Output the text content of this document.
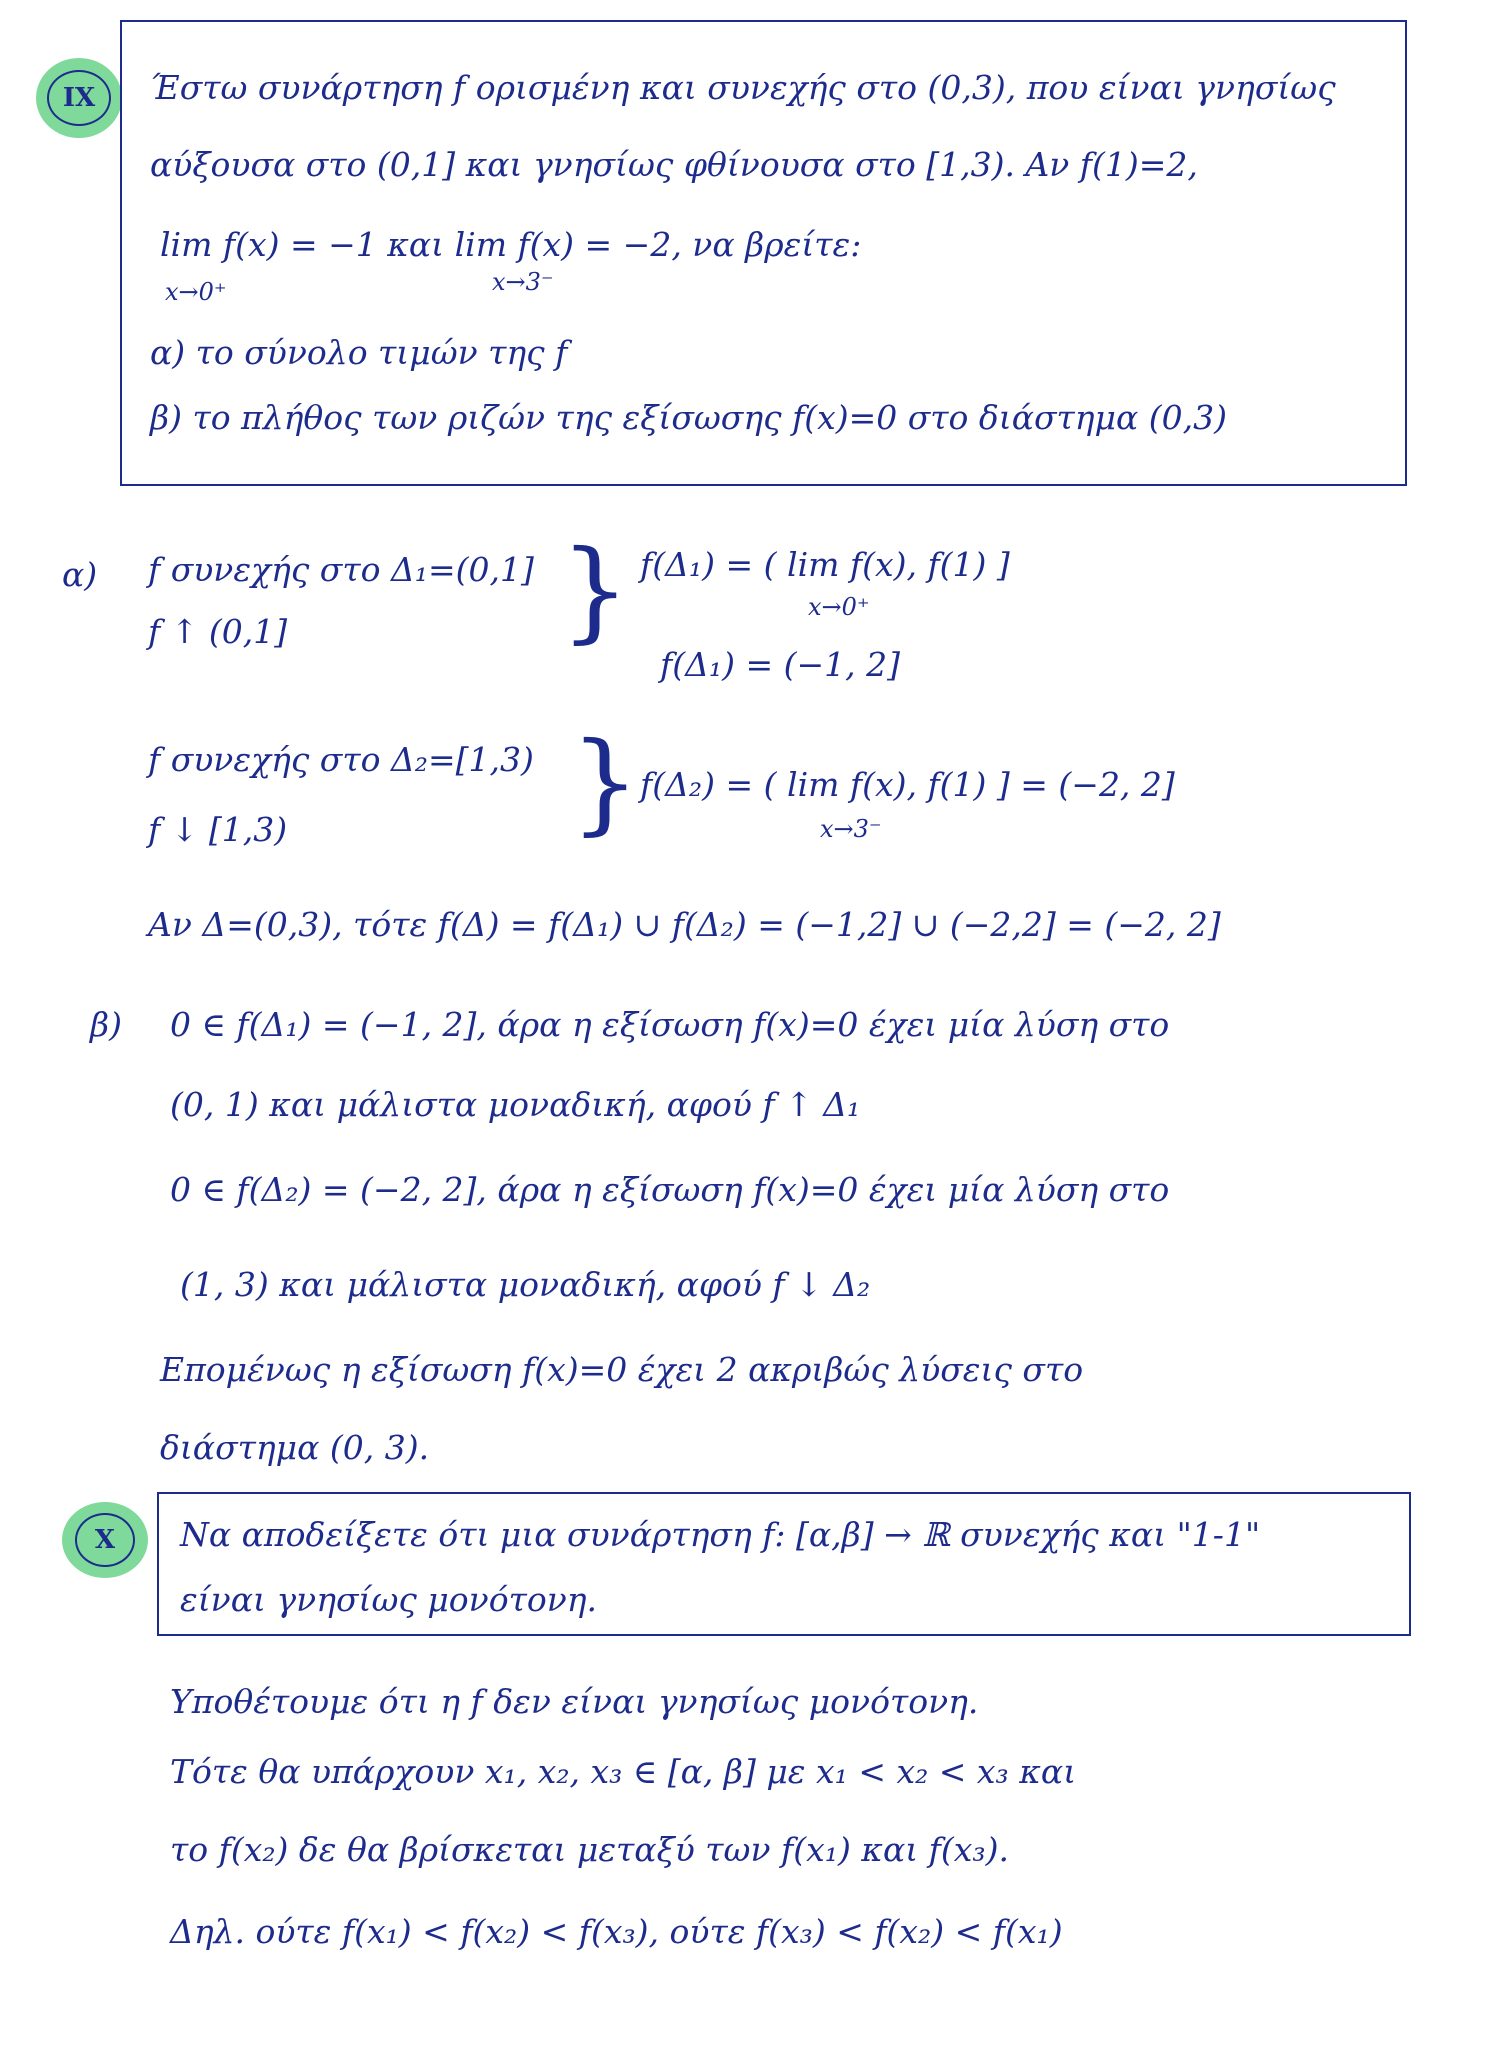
IX	Έστω συνάρτηση f ορισμένη και συνεχής στο (0,3), που είναι γνησίως
αύξουσα στο (0,1] και γνησίως φθίνουσα στο [1,3). Αν f(1)=2,
lim f(x) = −1 και lim f(x) = −2, να βρείτε:
x→0⁺	x→3⁻
α) το σύνολο τιμών της f
β) το πλήθος των ριζών της εξίσωσης f(x)=0 στο διάστημα (0,3)
α) f συνεχής στο Δ₁=(0,1]
f ↑ (0,1] } f(Δ₁) = ( lim f(x), f(1) ]
x→0⁺
f(Δ₁) = (−1, 2]
f συνεχής στο Δ₂=[1,3)
f ↓ [1,3)	} f(Δ₂) = ( lim f(x), f(1) ] = (−2, 2]
x→3⁻
Αν Δ=(0,3), τότε f(Δ) = f(Δ₁) ∪ f(Δ₂) = (−1,2] ∪ (−2,2] = (−2, 2]
β) 0 ∈ f(Δ₁) = (−1, 2], άρα η εξίσωση f(x)=0 έχει μία λύση στο
(0, 1) και μάλιστα μοναδική, αφού f ↑ Δ₁
0 ∈ f(Δ₂) = (−2, 2], άρα η εξίσωση f(x)=0 έχει μία λύση στο
(1, 3) και μάλιστα μοναδική, αφού f ↓ Δ₂
Επομένως η εξίσωση f(x)=0 έχει 2 ακριβώς λύσεις στο
διάστημα (0, 3).
X	Να αποδείξετε ότι μια συνάρτηση f: [α,β] → ℝ συνεχής και "1-1"
είναι γνησίως μονότονη.
Υποθέτουμε ότι η f δεν είναι γνησίως μονότονη.
Τότε θα υπάρχουν x₁, x₂, x₃ ∈ [α, β] με x₁ < x₂ < x₃ και
το f(x₂) δε θα βρίσκεται μεταξύ των f(x₁) και f(x₃).
Δηλ. ούτε f(x₁) < f(x₂) < f(x₃), ούτε f(x₃) < f(x₂) < f(x₁)
